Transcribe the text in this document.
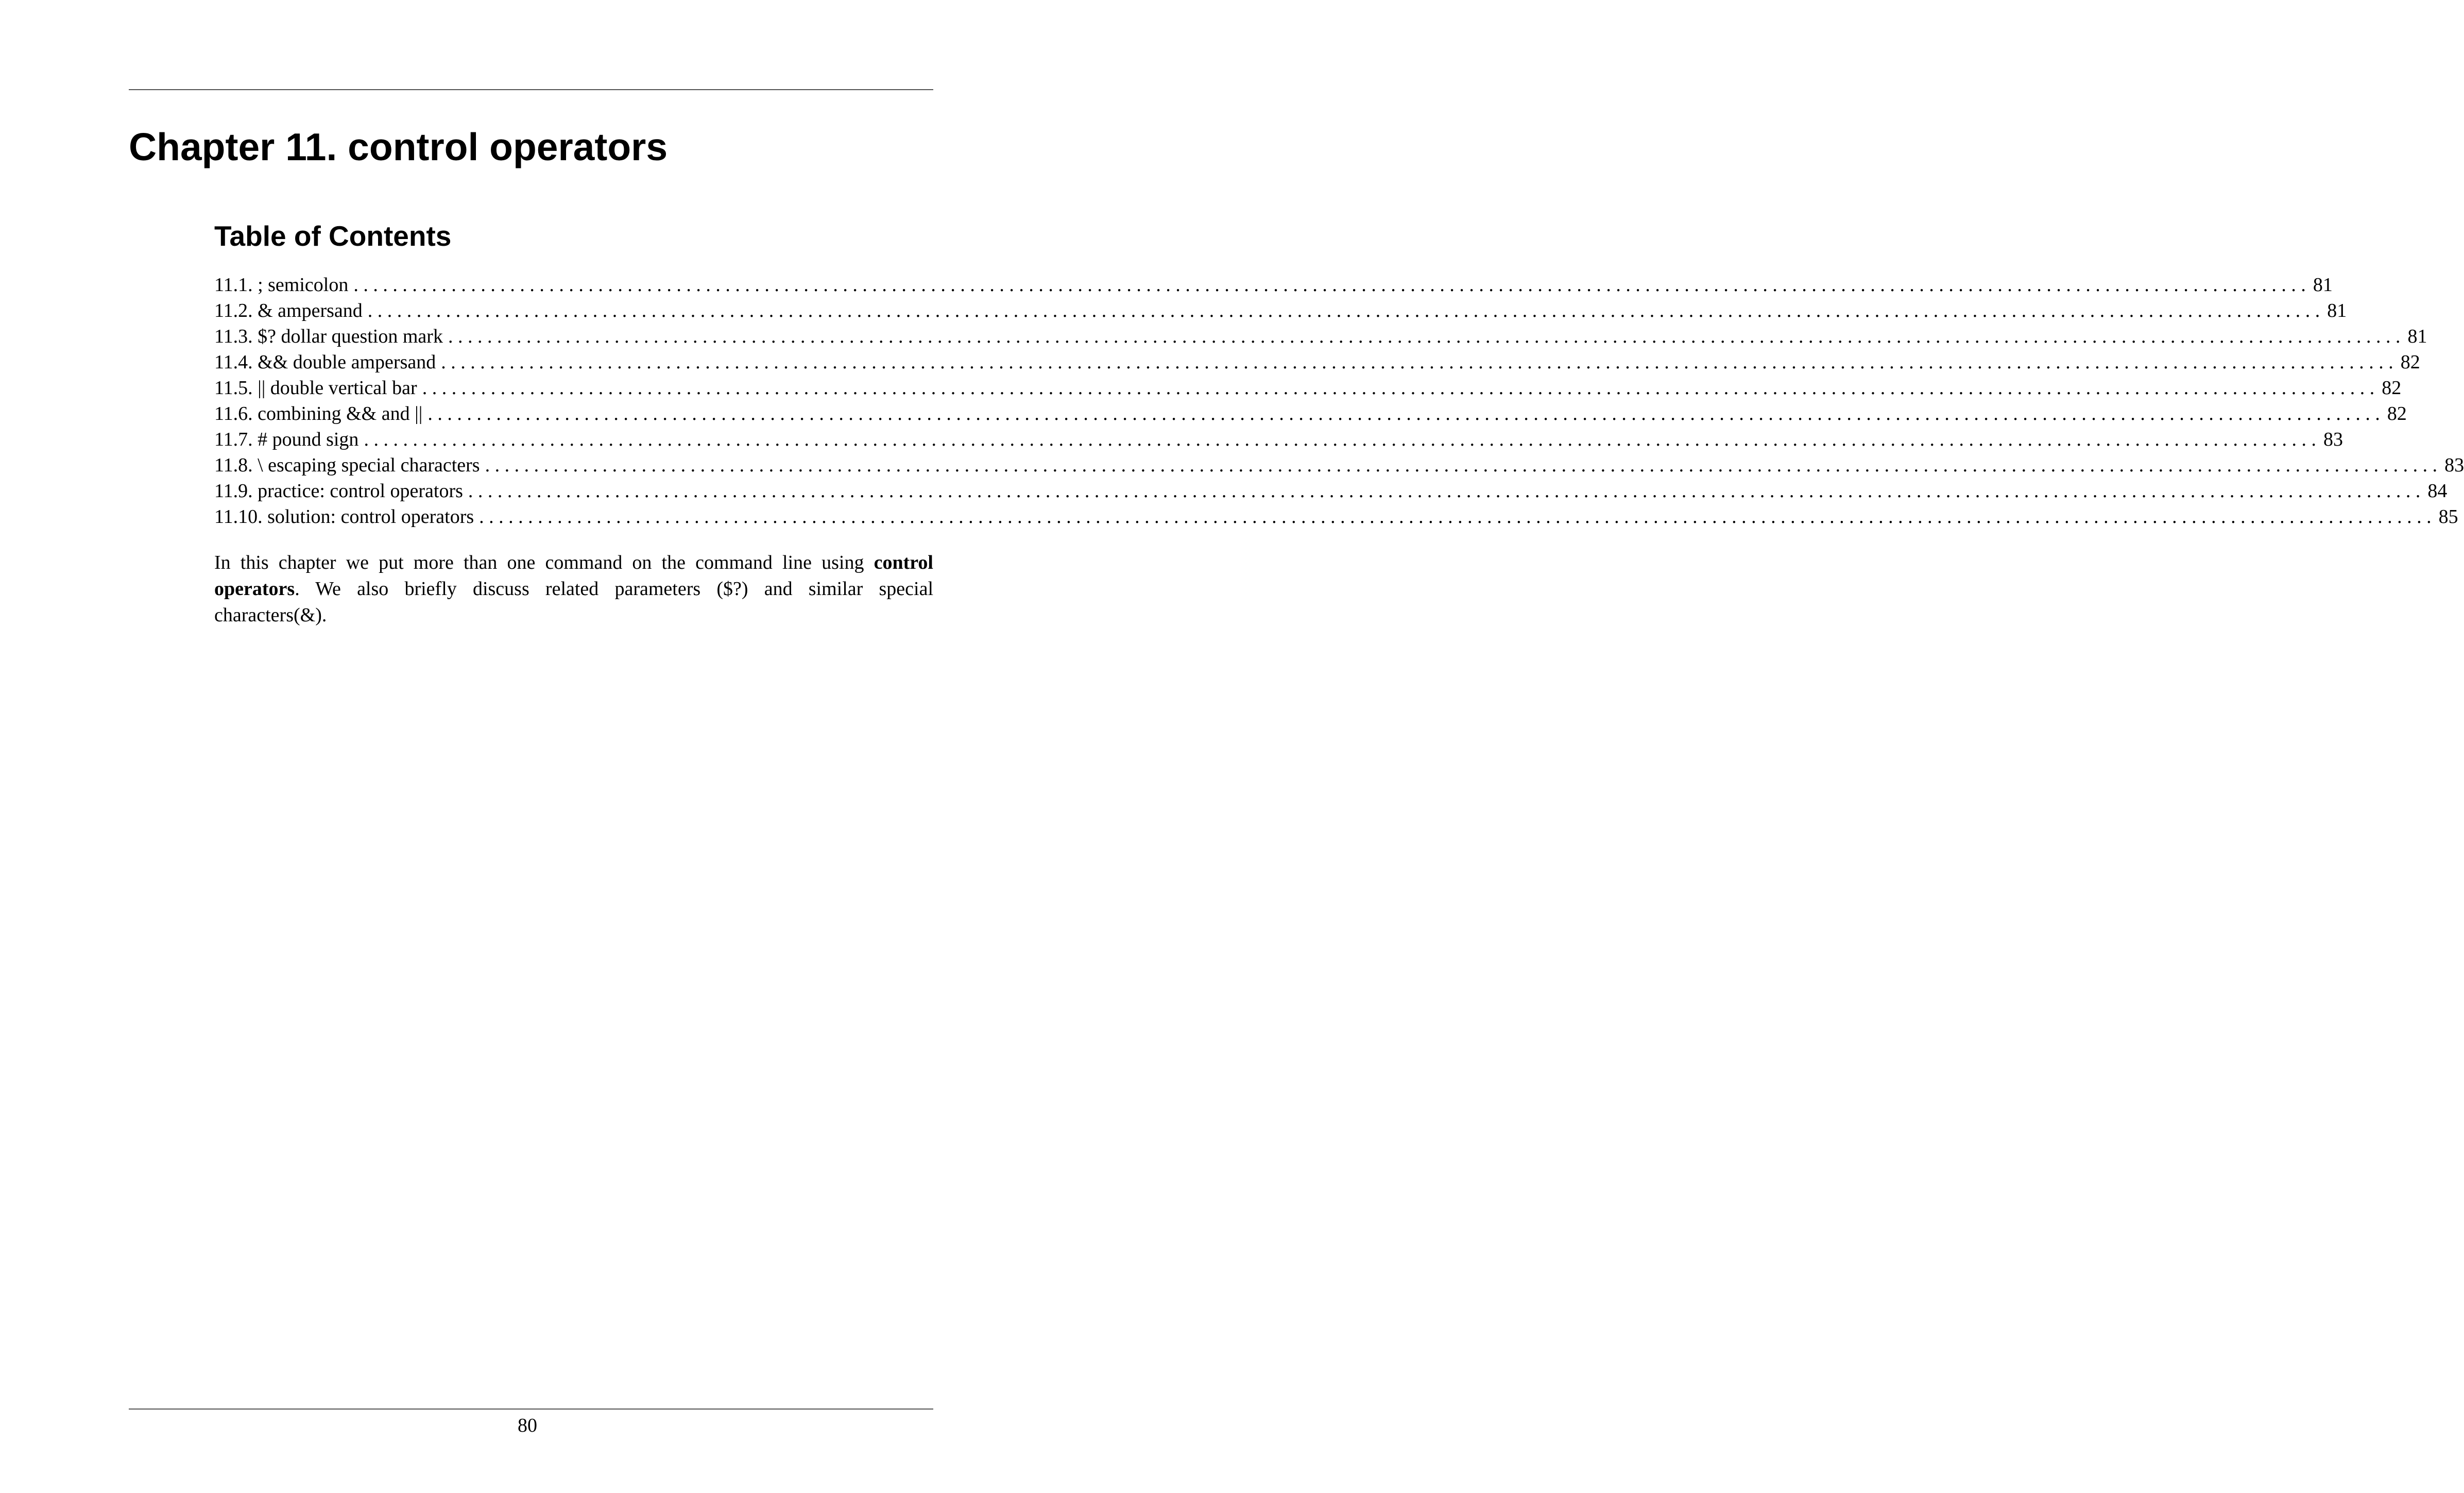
Chapter 11. control operators
Table of Contents
11.1. ; semicolon . . . . . . . . . . . . . . . . . . . . . . . . . . . . . . . . . . . . . . . . . . . . . . . . . . . . . . . . . . . . . . . . . . . . . . . . . . . . . . . . . . . . . . . . . . . . . . . . . . . . . . . . . . . . . . . . . . . . . . . . . . . . . . . . . . . . . . . . . . . . . . . . . . . . . . . . . . . . . . . . . . . . . . . . . . . . . . . . . . . . . . . . . . . . . . . . . . . . . . . . 81
11.2. & ampersand . . . . . . . . . . . . . . . . . . . . . . . . . . . . . . . . . . . . . . . . . . . . . . . . . . . . . . . . . . . . . . . . . . . . . . . . . . . . . . . . . . . . . . . . . . . . . . . . . . . . . . . . . . . . . . . . . . . . . . . . . . . . . . . . . . . . . . . . . . . . . . . . . . . . . . . . . . . . . . . . . . . . . . . . . . . . . . . . . . . . . . . . . . . . . . . . . . . . . . . . 81
11.3. $? dollar question mark . . . . . . . . . . . . . . . . . . . . . . . . . . . . . . . . . . . . . . . . . . . . . . . . . . . . . . . . . . . . . . . . . . . . . . . . . . . . . . . . . . . . . . . . . . . . . . . . . . . . . . . . . . . . . . . . . . . . . . . . . . . . . . . . . . . . . . . . . . . . . . . . . . . . . . . . . . . . . . . . . . . . . . . . . . . . . . . . . . . . . . . . . . . . . . . . . . . . . . . . 81
11.4. && double ampersand . . . . . . . . . . . . . . . . . . . . . . . . . . . . . . . . . . . . . . . . . . . . . . . . . . . . . . . . . . . . . . . . . . . . . . . . . . . . . . . . . . . . . . . . . . . . . . . . . . . . . . . . . . . . . . . . . . . . . . . . . . . . . . . . . . . . . . . . . . . . . . . . . . . . . . . . . . . . . . . . . . . . . . . . . . . . . . . . . . . . . . . . . . . . . . . . . . . . . . . . 82
11.5. || double vertical bar . . . . . . . . . . . . . . . . . . . . . . . . . . . . . . . . . . . . . . . . . . . . . . . . . . . . . . . . . . . . . . . . . . . . . . . . . . . . . . . . . . . . . . . . . . . . . . . . . . . . . . . . . . . . . . . . . . . . . . . . . . . . . . . . . . . . . . . . . . . . . . . . . . . . . . . . . . . . . . . . . . . . . . . . . . . . . . . . . . . . . . . . . . . . . . . . . . . . . . . . 82
11.6. combining && and || . . . . . . . . . . . . . . . . . . . . . . . . . . . . . . . . . . . . . . . . . . . . . . . . . . . . . . . . . . . . . . . . . . . . . . . . . . . . . . . . . . . . . . . . . . . . . . . . . . . . . . . . . . . . . . . . . . . . . . . . . . . . . . . . . . . . . . . . . . . . . . . . . . . . . . . . . . . . . . . . . . . . . . . . . . . . . . . . . . . . . . . . . . . . . . . . . . . . . . . . 82
11.7. # pound sign . . . . . . . . . . . . . . . . . . . . . . . . . . . . . . . . . . . . . . . . . . . . . . . . . . . . . . . . . . . . . . . . . . . . . . . . . . . . . . . . . . . . . . . . . . . . . . . . . . . . . . . . . . . . . . . . . . . . . . . . . . . . . . . . . . . . . . . . . . . . . . . . . . . . . . . . . . . . . . . . . . . . . . . . . . . . . . . . . . . . . . . . . . . . . . . . . . . . . . . . 83
11.8. \ escaping special characters . . . . . . . . . . . . . . . . . . . . . . . . . . . . . . . . . . . . . . . . . . . . . . . . . . . . . . . . . . . . . . . . . . . . . . . . . . . . . . . . . . . . . . . . . . . . . . . . . . . . . . . . . . . . . . . . . . . . . . . . . . . . . . . . . . . . . . . . . . . . . . . . . . . . . . . . . . . . . . . . . . . . . . . . . . . . . . . . . . . . . . . . . . . . . . . . . . . . . . . . 83
11.9. practice: control operators . . . . . . . . . . . . . . . . . . . . . . . . . . . . . . . . . . . . . . . . . . . . . . . . . . . . . . . . . . . . . . . . . . . . . . . . . . . . . . . . . . . . . . . . . . . . . . . . . . . . . . . . . . . . . . . . . . . . . . . . . . . . . . . . . . . . . . . . . . . . . . . . . . . . . . . . . . . . . . . . . . . . . . . . . . . . . . . . . . . . . . . . . . . . . . . . . . . . . . . . 84
11.10. solution: control operators . . . . . . . . . . . . . . . . . . . . . . . . . . . . . . . . . . . . . . . . . . . . . . . . . . . . . . . . . . . . . . . . . . . . . . . . . . . . . . . . . . . . . . . . . . . . . . . . . . . . . . . . . . . . . . . . . . . . . . . . . . . . . . . . . . . . . . . . . . . . . . . . . . . . . . . . . . . . . . . . . . . . . . . . . . . . . . . . . . . . . . . . . . . . . . . . . . . . . . . . 85

In this chapter we put more than one command on the command line using control operators. We also briefly discuss related parameters ($?) and similar special characters(&).

80
